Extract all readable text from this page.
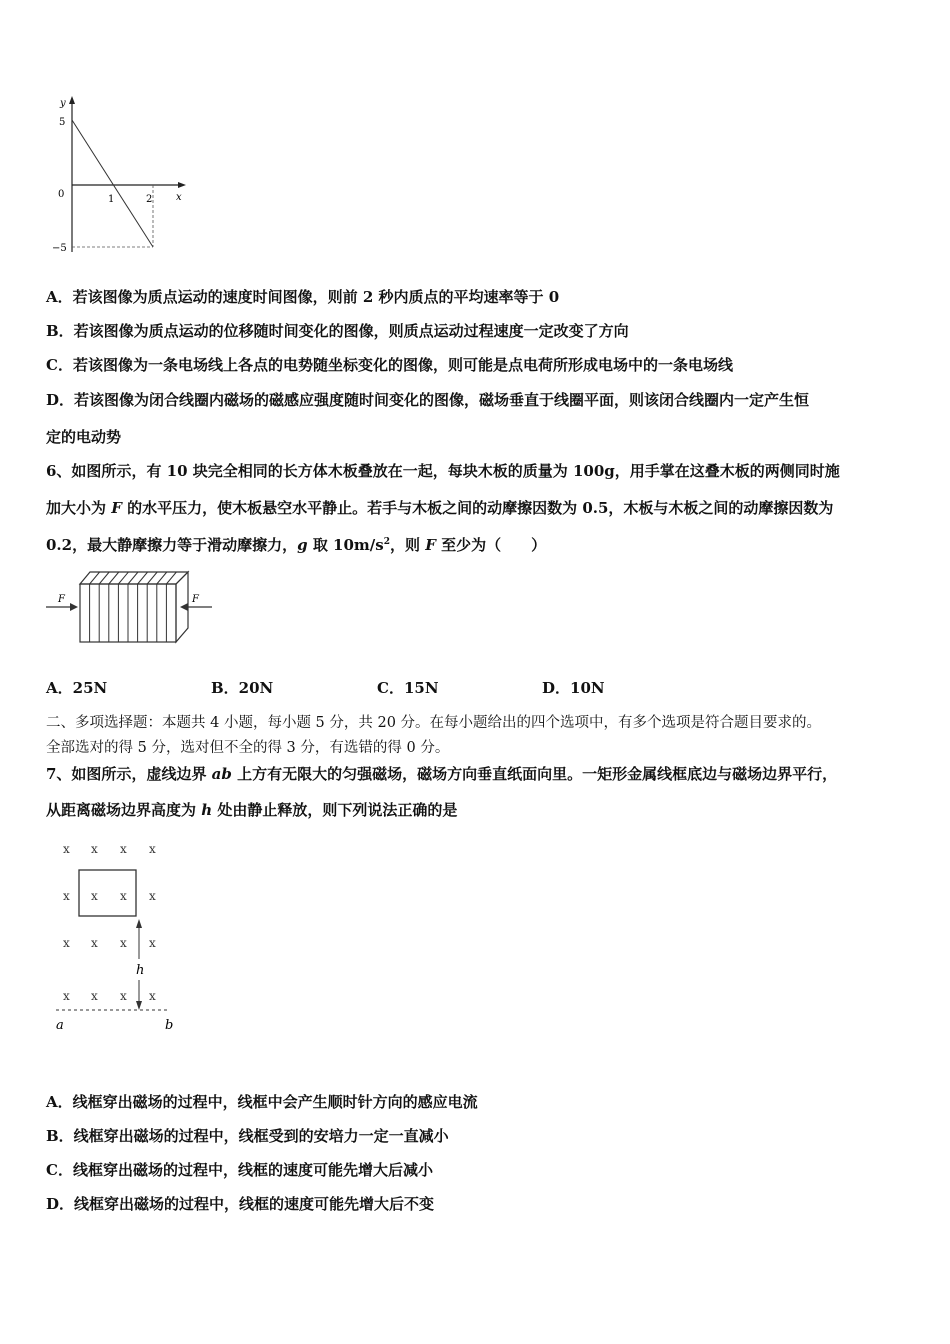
y
x
0
5
−5
1	2
A．若该图像为质点运动的速度时间图像，则前 2 秒内质点的平均速率等于 0
B．若该图像为质点运动的位移随时间变化的图像，则质点运动过程速度一定改变了方向
C．若该图像为一条电场线上各点的电势随坐标变化的图像，则可能是点电荷所形成电场中的一条电场线
D．若该图像为闭合线圈内磁场的磁感应强度随时间变化的图像，磁场垂直于线圈平面，则该闭合线圈内一定产生恒
定的电动势
6、如图所示，有 10 块完全相同的长方体木板叠放在一起，每块木板的质量为 100g，用手掌在这叠木板的两侧同时施
加大小为 F 的水平压力，使木板悬空水平静止。若手与木板之间的动摩擦因数为 0.5，木板与木板之间的动摩擦因数为
0.2，最大静摩擦力等于滑动摩擦力，g 取 $10m/s^2$，则 F 至少为（　　）
F	F
A．25N	B．20N	C．15N	D．10N
二、多项选择题：本题共 4 小题，每小题 5 分，共 20 分。在每小题给出的四个选项中，有多个选项是符合题目要求的。
全部选对的得 5 分，选对但不全的得 3 分，有选错的得 0 分。
7、如图所示，虚线边界 ab 上方有无限大的匀强磁场，磁场方向垂直纸面向里。一矩形金属线框底边与磁场边界平行，
从距离磁场边界高度为 h 处由静止释放，则下列说法正确的是
x x x x
x x x x
x x x x
x x x x
h
a	b
A．线框穿出磁场的过程中，线框中会产生顺时针方向的感应电流
B．线框穿出磁场的过程中，线框受到的安培力一定一直减小
C．线框穿出磁场的过程中，线框的速度可能先增大后减小
D．线框穿出磁场的过程中，线框的速度可能先增大后不变
